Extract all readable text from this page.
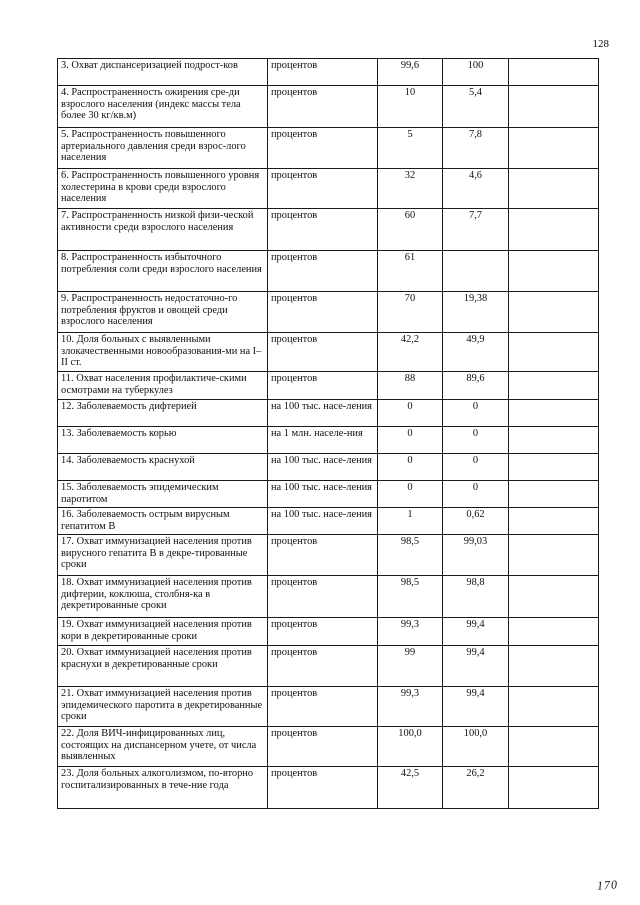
128
3. Охват диспансеризацией подрост-ков	процентов	99,6	100	
4. Распространенность ожирения сре-ди взрослого населения (индекс массы тела более 30 кг/кв.м)	процентов	10	5,4	
5. Распространенность повышенного артериального давления среди взрос-лого населения	процентов	5	7,8	
6. Распространенность повышенного уровня холестерина в крови среди взрослого населения	процентов	32	4,6	
7. Распространенность низкой физи-ческой активности среди взрослого населения	процентов	60	7,7	
8. Распространенность избыточного потребления соли среди взрослого населения	процентов	61		
9. Распространенность недостаточно-го потребления фруктов и овощей среди взрослого населения	процентов	70	19,38	
10. Доля больных с выявленными злокачественными новообразования-ми на I–II ст.	процентов	42,2	49,9	
11. Охват населения профилактиче-скими осмотрами на туберкулез	процентов	88	89,6	
12. Заболеваемость дифтерией	на 100 тыс. насе-ления	0	0	
13. Заболеваемость корью	на 1 млн. населе-ния	0	0	
14. Заболеваемость краснухой	на 100 тыс. насе-ления	0	0	
15. Заболеваемость эпидемическим паротитом	на 100 тыс. насе-ления	0	0	
16. Заболеваемость острым вирусным гепатитом B	на 100 тыс. насе-ления	1	0,62	
17. Охват иммунизацией населения против вирусного гепатита B в декре-тированные сроки	процентов	98,5	99,03	
18. Охват иммунизацией населения против дифтерии, коклюша, столбня-ка в декретированные сроки	процентов	98,5	98,8	
19. Охват иммунизацией населения против кори в декретированные сроки	процентов	99,3	99,4	
20. Охват иммунизацией населения против краснухи в декретированные сроки	процентов	99	99,4	
21. Охват иммунизацией населения против эпидемического паротита в декретированные сроки	процентов	99,3	99,4	
22. Доля ВИЧ-инфицированных лиц, состоящих на диспансерном учете, от числа выявленных	процентов	100,0	100,0	
23. Доля больных алкоголизмом, по-вторно госпитализированных в тече-ние года	процентов	42,5	26,2	
170
